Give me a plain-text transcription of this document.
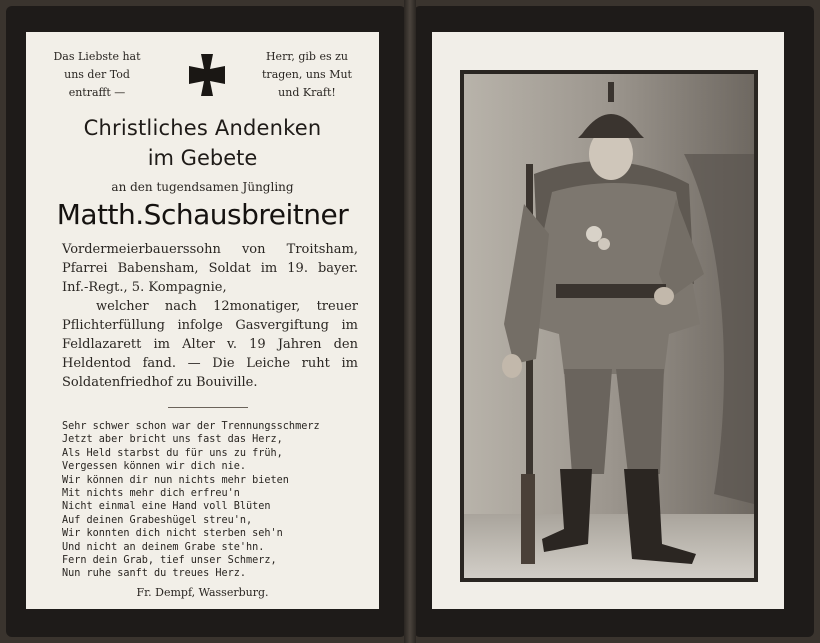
Das Liebste hat
uns der Tod
entrafft —
Herr, gib es zu
tragen, uns Mut
und Kraft!
Christliches Andenken
im Gebete
an den tugendsamen Jüngling
Matth.Schausbreitner

Vordermeierbauerssohn von Troitsham, Pfarrei Babensham, Soldat im 19. bayer. Inf.-Regt., 5. Kompagnie,

welcher nach 12monatiger, treuer Pflichterfüllung infolge Gasvergiftung im Feldlazarett im Alter v. 19 Jahren den Heldentod fand. — Die Leiche ruht im Soldatenfriedhof zu Bouiville.

Sehr schwer schon war der Trennungsschmerz
Jetzt aber bricht uns fast das Herz,
Als Held starbst du für uns zu früh,
Vergessen können wir dich nie.
Wir können dir nun nichts mehr bieten
Mit nichts mehr dich erfreu'n
Nicht einmal eine Hand voll Blüten
Auf deinen Grabeshügel streu'n,
Wir konnten dich nicht sterben seh'n
Und nicht an deinem Grabe ste'hn.
Fern dein Grab, tief unser Schmerz,
Nun ruhe sanft du treues Herz.
Fr. Dempf, Wasserburg.
